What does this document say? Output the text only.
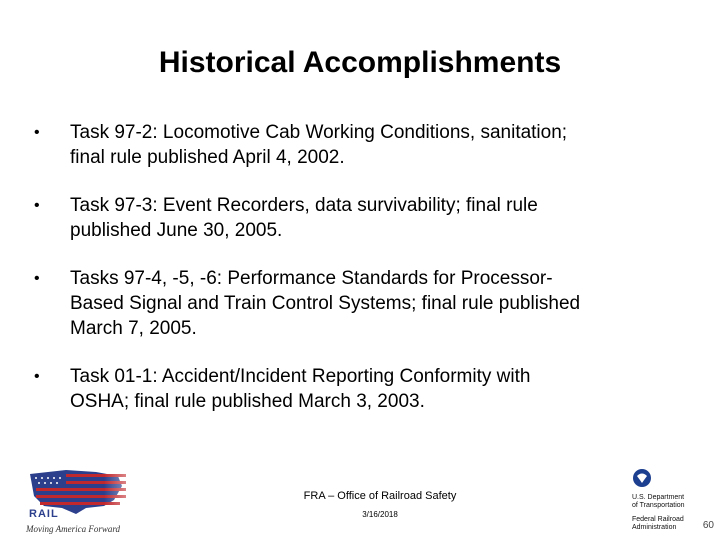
Historical Accomplishments
• Task 97-2: Locomotive Cab Working Conditions, sanitation;
final rule published April 4, 2002.
• Task 97-3: Event Recorders, data survivability; final rule
published June 30, 2005.
• Tasks 97-4, -5, -6: Performance Standards for Processor-
Based Signal and Train Control Systems; final rule published
March 7, 2005.
• Task 01-1: Accident/Incident Reporting Conformity with
OSHA; final rule published March 3, 2003.
RAIL
Moving America Forward
FRA – Office of Railroad Safety
3/16/2018
U.S. Department
of Transportation
Federal Railroad
Administration	60
